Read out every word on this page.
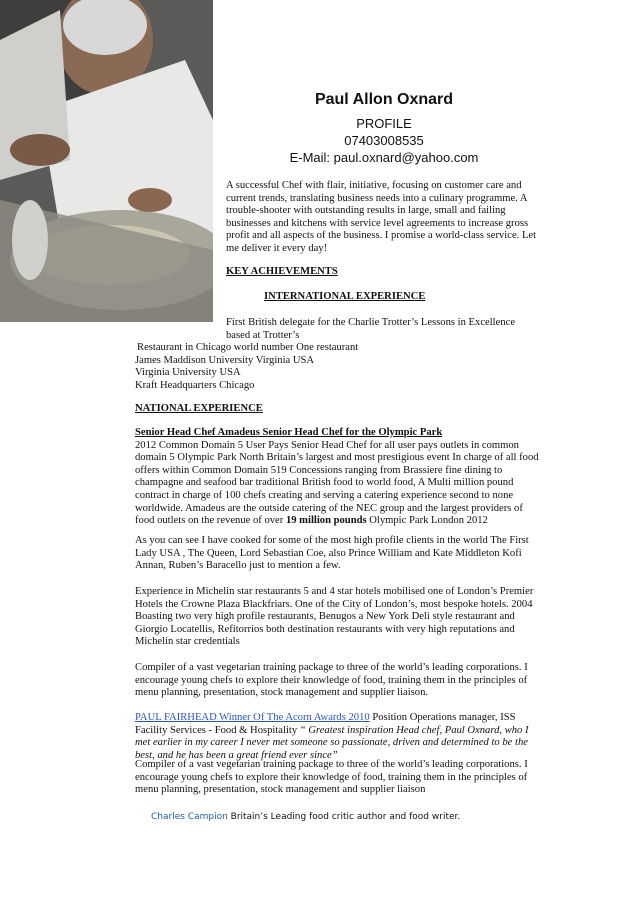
Paul Allon Oxnard
PROFILE
07403008535
E-Mail: paul.oxnard@yahoo.com
A successful Chef with flair, initiative, focusing on customer care and current trends, translating business needs into a culinary programme. A trouble-shooter with outstanding results in large, small and failing businesses and kitchens with service level agreements to increase gross profit and all aspects of the business. I promise a world-class service. Let me deliver it every day!
KEY ACHIEVEMENTS
INTERNATIONAL EXPERIENCE
First British delegate for the Charlie Trotter’s Lessons in Excellence
based at Trotter’s
Restaurant in Chicago world number One restaurant
James Maddison University Virginia USA
Virginia University USA
Kraft Headquarters Chicago
NATIONAL EXPERIENCE
Senior Head Chef Amadeus Senior Head Chef for the Olympic Park
2012 Common Domain 5 User Pays Senior Head Chef for all user pays outlets in common domain 5 Olympic Park North Britain’s largest and most prestigious event In charge of all food offers within Common Domain 519 Concessions ranging from Brassiere fine dining to champagne and seafood bar traditional British food to world food, A Multi million pound contract in charge of 100 chefs creating and serving a catering experience second to none worldwide. Amadeus are the outside catering of the NEC group and the largest providers of food outlets on the revenue of over 19 million pounds Olympic Park London 2012
As you can see I have cooked for some of the most high profile clients in the world The First Lady USA , The Queen, Lord Sebastian Coe, also Prince William and Kate Middleton Kofi Annan, Ruben’s Baracello just to mention a few.
Experience in Michelin star restaurants 5 and 4 star hotels mobilised one of London’s Premier Hotels the Crowne Plaza Blackfriars. One of the City of London’s, most bespoke hotels. 2004 Boasting two very high profile restaurants, Benugos a New York Deli style restaurant and Giorgio Locatellis, Refitorrios both destination restaurants with very high reputations and Michelin star credentials
Compiler of a vast vegetarian training package to three of the world’s leading corporations. I encourage young chefs to explore their knowledge of food, training them in the principles of menu planning, presentation, stock management and supplier liaison.
PAUL FAIRHEAD Winner Of The Acorn Awards 2010 Position Operations manager, ISS Facility Services - Food & Hospitality “ Greatest inspiration Head chef, Paul Oxnard, who I met earlier in my career I never met someone so passionate, driven and determined to be the best, and he has been a great friend ever since”
Compiler of a vast vegetarian training package to three of the world’s leading corporations. I encourage young chefs to explore their knowledge of food, training them in the principles of menu planning, presentation, stock management and supplier liaison
Charles Campion Britain’s Leading food critic author and food writer.
